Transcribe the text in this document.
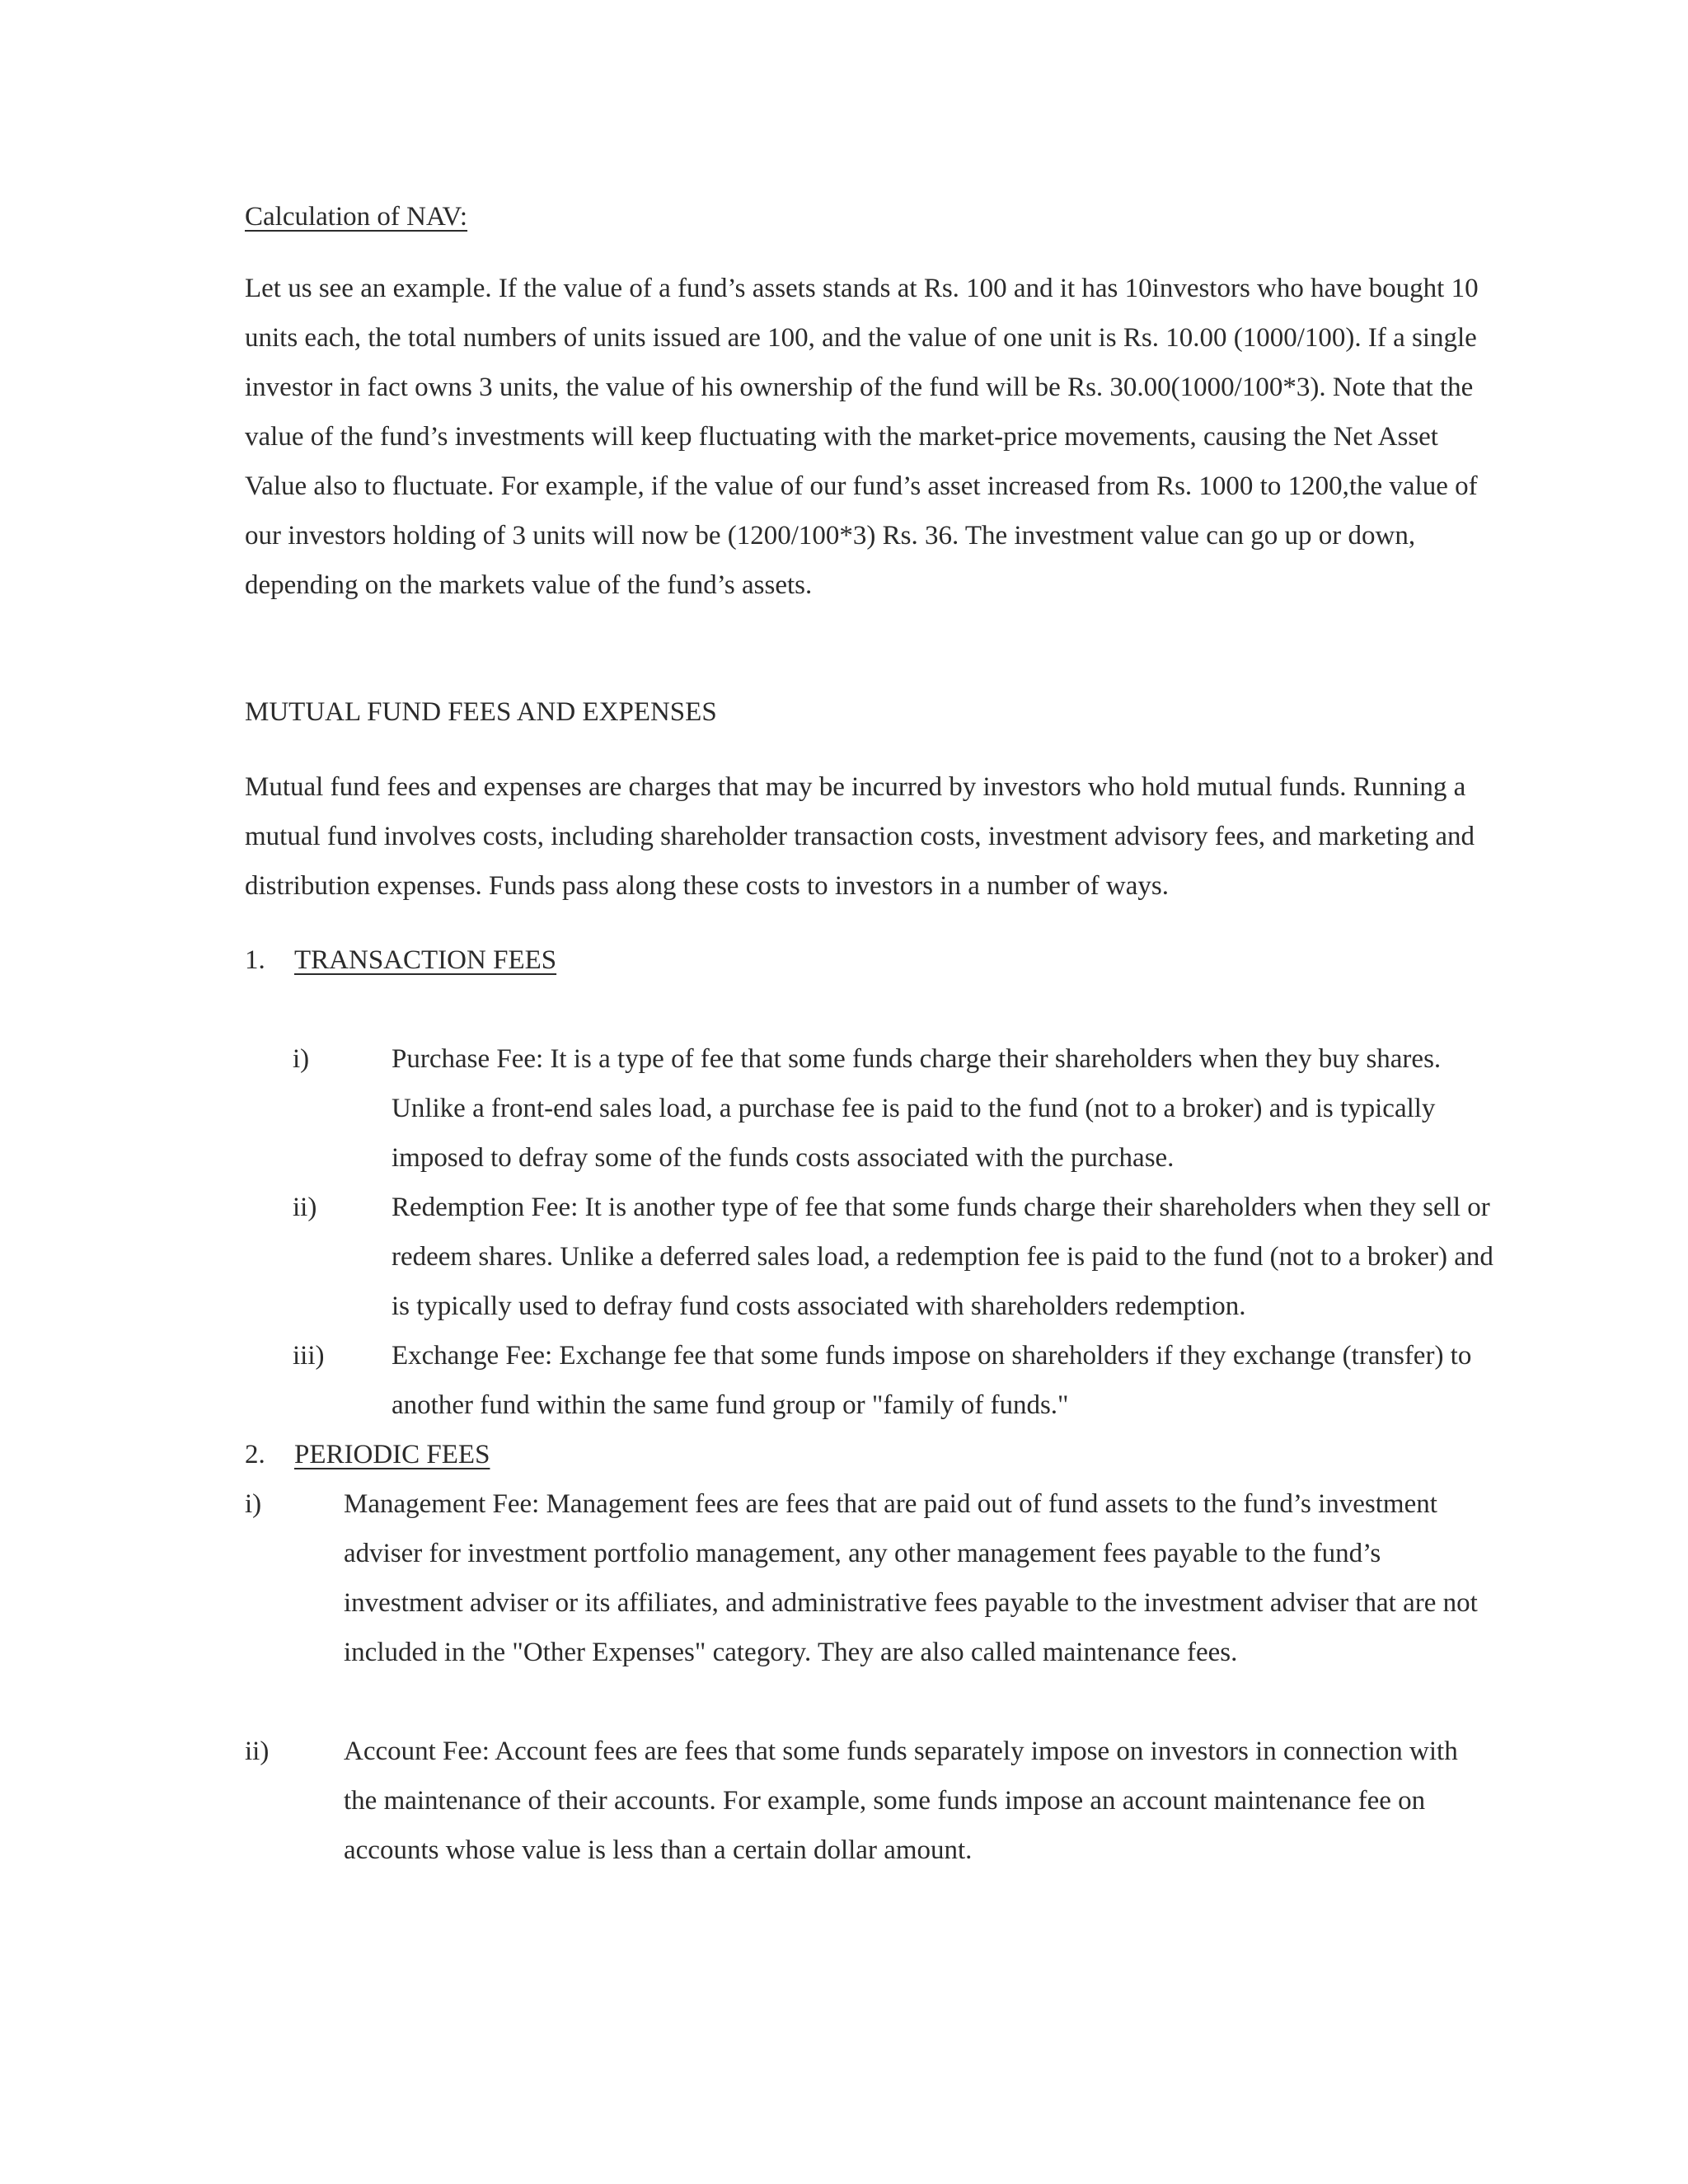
Calculation of NAV:

Let us see an example. If the value of a fund’s assets stands at Rs. 100 and it has 10investors who have bought 10 units each, the total numbers of units issued are 100, and the value of one unit is Rs. 10.00 (1000/100). If a single investor in fact owns 3 units, the value of his ownership of the fund will be Rs. 30.00(1000/100*3). Note that the value of the fund’s investments will keep fluctuating with the market-price movements, causing the Net Asset Value also to fluctuate. For example, if the value of our fund’s asset increased from Rs. 1000 to 1200,the value of our investors holding of 3 units will now be (1200/100*3) Rs. 36. The investment value can go up or down, depending on the markets value of the fund’s assets.

MUTUAL FUND FEES AND EXPENSES

Mutual fund fees and expenses are charges that may be incurred by investors who hold mutual funds. Running a mutual fund involves costs, including shareholder transaction costs, investment advisory fees, and marketing and distribution expenses. Funds pass along these costs to investors in a number of ways.

1. TRANSACTION FEES
i)	Purchase Fee: It is a type of fee that some funds charge their shareholders when they buy shares. Unlike a front-end sales load, a purchase fee is paid to the fund (not to a broker) and is typically imposed to defray some of the funds costs associated with the purchase.

ii)	Redemption Fee: It is another type of fee that some funds charge their shareholders when they sell or redeem shares. Unlike a deferred sales load, a redemption fee is paid to the fund (not to a broker) and is typically used to defray fund costs associated with shareholders redemption.

iii) Exchange Fee: Exchange fee that some funds impose on shareholders if they exchange (transfer) to another fund within the same fund group or "family of funds."

2. PERIODIC FEES
i)	Management Fee: Management fees are fees that are paid out of fund assets to the fund’s investment adviser for investment portfolio management, any other management fees payable to the fund’s investment adviser or its affiliates, and administrative fees payable to the investment adviser that are not included in the "Other Expenses" category. They are also called maintenance fees.

ii)	Account Fee: Account fees are fees that some funds separately impose on investors in connection with the maintenance of their accounts. For example, some funds impose an account maintenance fee on accounts whose value is less than a certain dollar amount.
